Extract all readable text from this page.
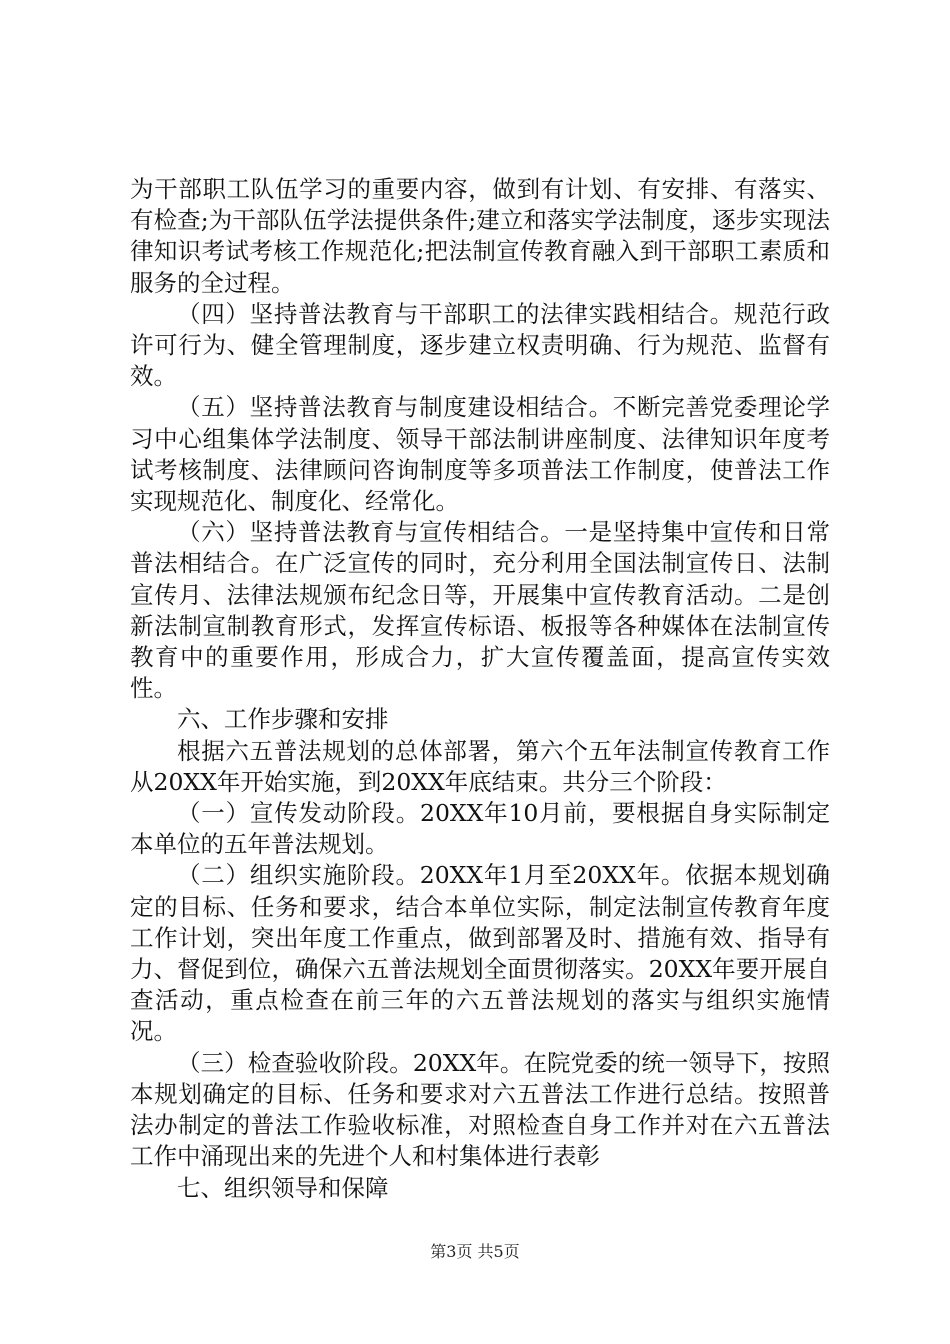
为干部职工队伍学习的重要内容，做到有计划、有安排、有落实、有检查;为干部队伍学法提供条件;建立和落实学法制度，逐步实现法律知识考试考核工作规范化;把法制宣传教育融入到干部职工素质和服务的全过程。

（四）坚持普法教育与干部职工的法律实践相结合。规范行政许可行为、健全管理制度，逐步建立权责明确、行为规范、监督有效。

（五）坚持普法教育与制度建设相结合。不断完善党委理论学习中心组集体学法制度、领导干部法制讲座制度、法律知识年度考试考核制度、法律顾问咨询制度等多项普法工作制度，使普法工作实现规范化、制度化、经常化。

（六）坚持普法教育与宣传相结合。一是坚持集中宣传和日常普法相结合。在广泛宣传的同时，充分利用全国法制宣传日、法制宣传月、法律法规颁布纪念日等，开展集中宣传教育活动。二是创新法制宣制教育形式，发挥宣传标语、板报等各种媒体在法制宣传教育中的重要作用，形成合力，扩大宣传覆盖面，提高宣传实效性。

六、工作步骤和安排

根据六五普法规划的总体部署，第六个五年法制宣传教育工作从20XX年开始实施，到20XX年底结束。共分三个阶段：

（一）宣传发动阶段。20XX年10月前，要根据自身实际制定本单位的五年普法规划。

（二）组织实施阶段。20XX年1月至20XX年。依据本规划确定的目标、任务和要求，结合本单位实际，制定法制宣传教育年度工作计划，突出年度工作重点，做到部署及时、措施有效、指导有力、督促到位，确保六五普法规划全面贯彻落实。20XX年要开展自查活动，重点检查在前三年的六五普法规划的落实与组织实施情况。

（三）检查验收阶段。20XX年。在院党委的统一领导下，按照本规划确定的目标、任务和要求对六五普法工作进行总结。按照普法办制定的普法工作验收标准，对照检查自身工作并对在六五普法工作中涌现出来的先进个人和村集体进行表彰

七、组织领导和保障

第3页 共5页
